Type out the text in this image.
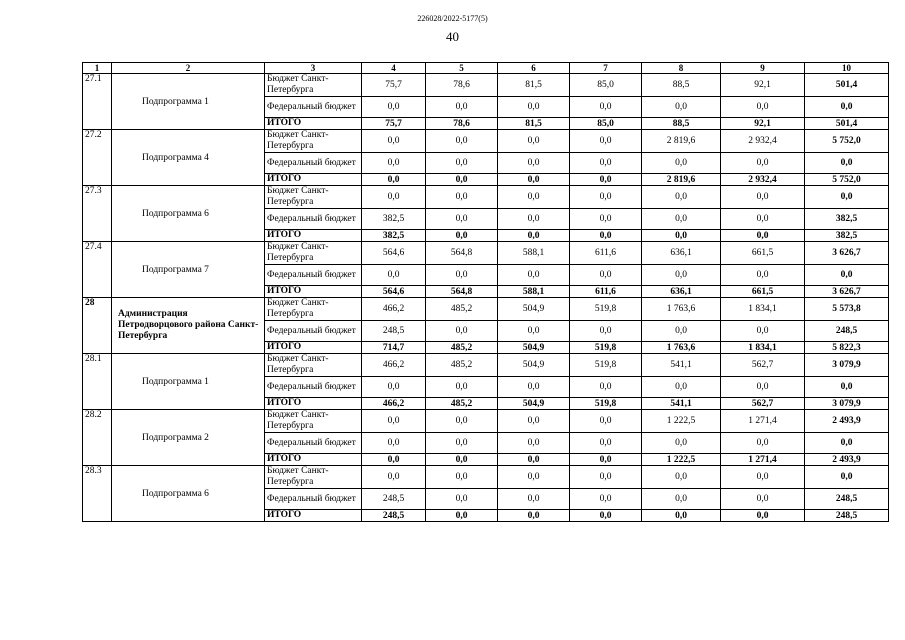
226028/2022-5177(5)
40
1	2	3	4	5	6	7	8	9	10
27.1	Подпрограмма 1	Бюджет Санкт-Петербурга	75,7	78,6	81,5	85,0	88,5	92,1	501,4
		Федеральный бюджет	0,0	0,0	0,0	0,0	0,0	0,0	0,0
		ИТОГО	75,7	78,6	81,5	85,0	88,5	92,1	501,4
27.2	Подпрограмма 4	Бюджет Санкт-Петербурга	0,0	0,0	0,0	0,0	2 819,6	2 932,4	5 752,0
		Федеральный бюджет	0,0	0,0	0,0	0,0	0,0	0,0	0,0
		ИТОГО	0,0	0,0	0,0	0,0	2 819,6	2 932,4	5 752,0
27.3	Подпрограмма 6	Бюджет Санкт-Петербурга	0,0	0,0	0,0	0,0	0,0	0,0	0,0
		Федеральный бюджет	382,5	0,0	0,0	0,0	0,0	0,0	382,5
		ИТОГО	382,5	0,0	0,0	0,0	0,0	0,0	382,5
27.4	Подпрограмма 7	Бюджет Санкт-Петербурга	564,6	564,8	588,1	611,6	636,1	661,5	3 626,7
		Федеральный бюджет	0,0	0,0	0,0	0,0	0,0	0,0	0,0
		ИТОГО	564,6	564,8	588,1	611,6	636,1	661,5	3 626,7
28	Администрация Петродворцового района Санкт-Петербурга	Бюджет Санкт-Петербурга	466,2	485,2	504,9	519,8	1 763,6	1 834,1	5 573,8
		Федеральный бюджет	248,5	0,0	0,0	0,0	0,0	0,0	248,5
		ИТОГО	714,7	485,2	504,9	519,8	1 763,6	1 834,1	5 822,3
28.1	Подпрограмма 1	Бюджет Санкт-Петербурга	466,2	485,2	504,9	519,8	541,1	562,7	3 079,9
		Федеральный бюджет	0,0	0,0	0,0	0,0	0,0	0,0	0,0
		ИТОГО	466,2	485,2	504,9	519,8	541,1	562,7	3 079,9
28.2	Подпрограмма 2	Бюджет Санкт-Петербурга	0,0	0,0	0,0	0,0	1 222,5	1 271,4	2 493,9
		Федеральный бюджет	0,0	0,0	0,0	0,0	0,0	0,0	0,0
		ИТОГО	0,0	0,0	0,0	0,0	1 222,5	1 271,4	2 493,9
28.3	Подпрограмма 6	Бюджет Санкт-Петербурга	0,0	0,0	0,0	0,0	0,0	0,0	0,0
		Федеральный бюджет	248,5	0,0	0,0	0,0	0,0	0,0	248,5
		ИТОГО	248,5	0,0	0,0	0,0	0,0	0,0	248,5
